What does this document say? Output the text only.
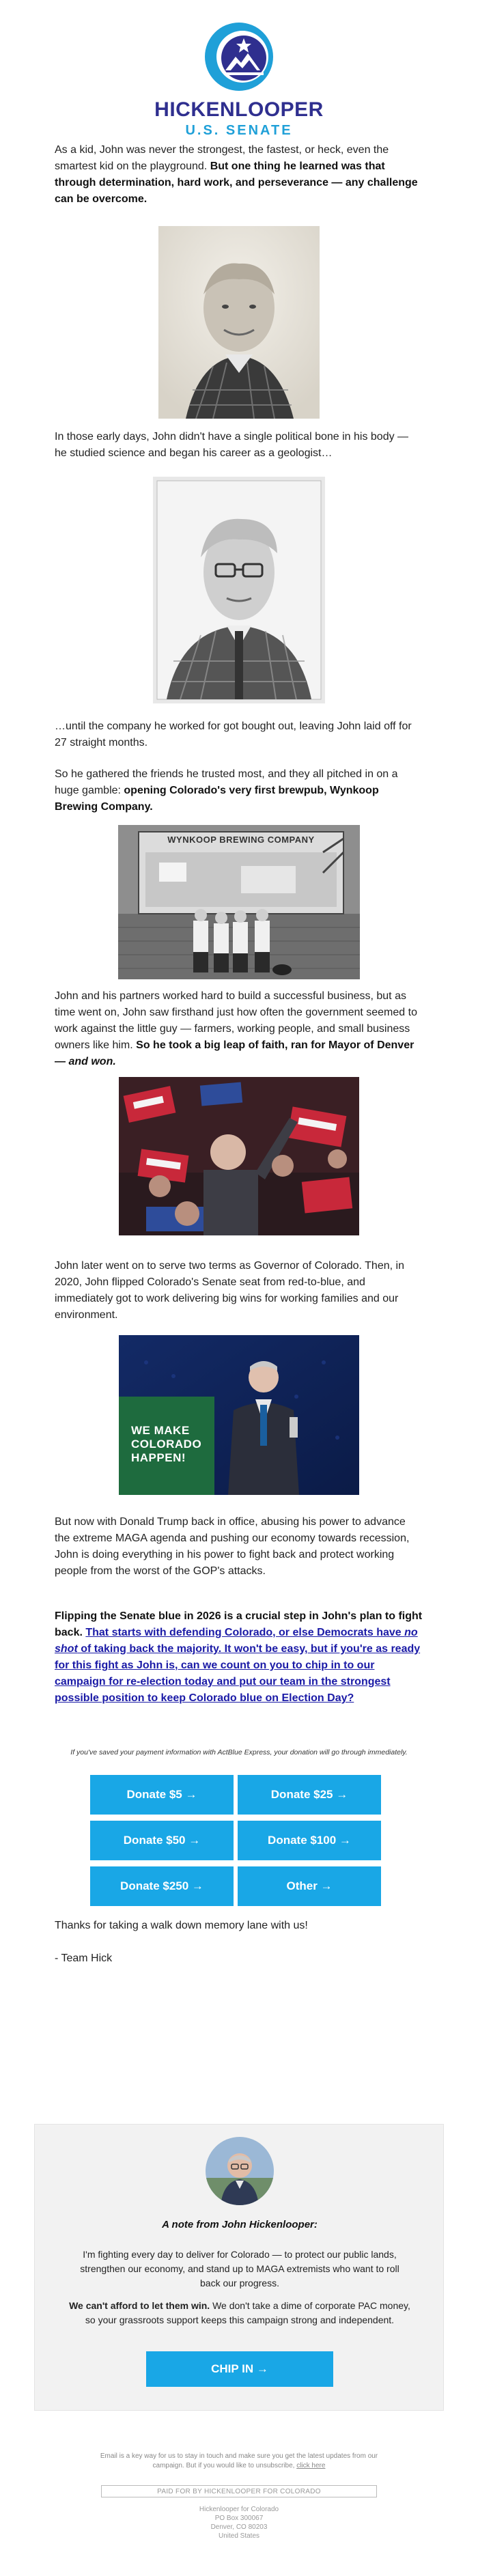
HICKENLOOPER
U.S. SENATE
As a kid, John was never the strongest, the fastest, or heck, even the smartest kid on the playground. But one thing he learned was that through determination, hard work, and perseverance — any challenge can be overcome.
In those early days, John didn't have a single political bone in his body — he studied science and began his career as a geologist…
…until the company he worked for got bought out, leaving John laid off for 27 straight months.
So he gathered the friends he trusted most, and they all pitched in on a huge gamble: opening Colorado's very first brewpub, Wynkoop Brewing Company.
WYNKOOP BREWING COMPANY
John and his partners worked hard to build a successful business, but as time went on, John saw firsthand just how often the government seemed to work against the little guy — farmers, working people, and small business owners like him. So he took a big leap of faith, ran for Mayor of Denver — and won.
John later went on to serve two terms as Governor of Colorado. Then, in 2020, John flipped Colorado's Senate seat from red-to-blue, and immediately got to work delivering big wins for working families and our environment.
WE MAKE COLORADO HAPPEN!
But now with Donald Trump back in office, abusing his power to advance the extreme MAGA agenda and pushing our economy towards recession, John is doing everything in his power to fight back and protect working people from the worst of the GOP's attacks.
Flipping the Senate blue in 2026 is a crucial step in John's plan to fight back. That starts with defending Colorado, or else Democrats have no shot of taking back the majority. It won't be easy, but if you're as ready for this fight as John is, can we count on you to chip in to our campaign for re-election today and put our team in the strongest possible position to keep Colorado blue on Election Day?
If you've saved your payment information with ActBlue Express, your donation will go through immediately.
Donate $5 →	Donate $25 →
Donate $50 →	Donate $100 →
Donate $250 →	Other →
Thanks for taking a walk down memory lane with us!
- Team Hick
A note from John Hickenlooper:
I'm fighting every day to deliver for Colorado — to protect our public lands, strengthen our economy, and stand up to MAGA extremists who want to roll back our progress.
We can't afford to let them win. We don't take a dime of corporate PAC money, so your grassroots support keeps this campaign strong and independent.
CHIP IN →
Email is a key way for us to stay in touch and make sure you get the latest updates from our
campaign. But if you would like to unsubscribe, click here
PAID FOR BY HICKENLOOPER FOR COLORADO
Hickenlooper for Colorado
PO Box 300067
Denver, CO 80203
United States
